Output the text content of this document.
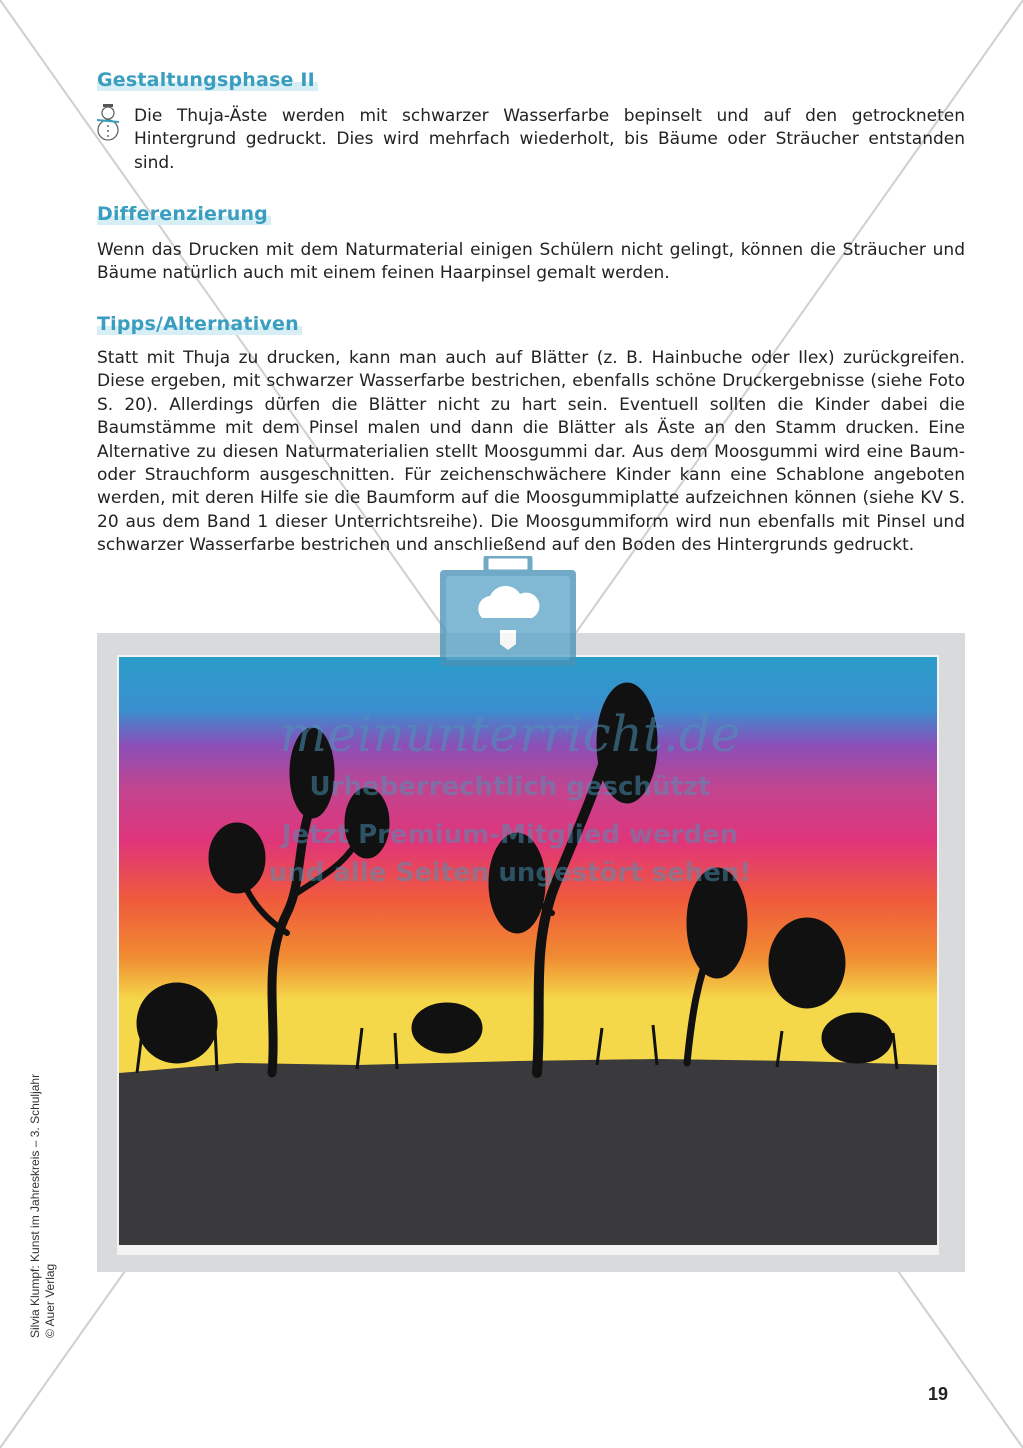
Gestaltungsphase II

Die Thuja-Äste werden mit schwarzer Wasserfarbe bepinselt und auf den getrockneten Hintergrund gedruckt. Dies wird mehrfach wiederholt, bis Bäume oder Sträucher entstanden sind.

Differenzierung

Wenn das Drucken mit dem Naturmaterial einigen Schülern nicht gelingt, können die Sträucher und Bäume natürlich auch mit einem feinen Haarpinsel gemalt werden.

Tipps/Alternativen

Statt mit Thuja zu drucken, kann man auch auf Blätter (z. B. Hainbuche oder Ilex) zurückgreifen. Diese ergeben, mit schwarzer Wasserfarbe bestrichen, ebenfalls schöne Druckergebnisse (siehe Foto S. 20). Allerdings dürfen die Blätter nicht zu hart sein. Eventuell sollten die Kinder dabei die Baumstämme mit dem Pinsel malen und dann die Blätter als Äste an den Stamm drucken. Eine Alternative zu diesen Naturmaterialien stellt Moosgummi dar. Aus dem Moosgummi wird eine Baum- oder Strauchform ausgeschnitten. Für zeichenschwächere Kinder kann eine Schablone angeboten werden, mit deren Hilfe sie die Baumform auf die Moosgummiplatte aufzeichnen können (siehe KV S. 20 aus dem Band 1 dieser Unterrichtsreihe). Die Moosgummiform wird nun ebenfalls mit Pinsel und schwarzer Wasserfarbe bestrichen und anschließend auf den Boden des Hintergrunds gedruckt.

meinunterricht.de
Urheberrechtlich geschützt
Jetzt Premium-Mitglied werden
und alle Seiten ungestört sehen!
Silvia Klumpf: Kunst im Jahreskreis – 3. Schuljahr © Auer Verlag
19
